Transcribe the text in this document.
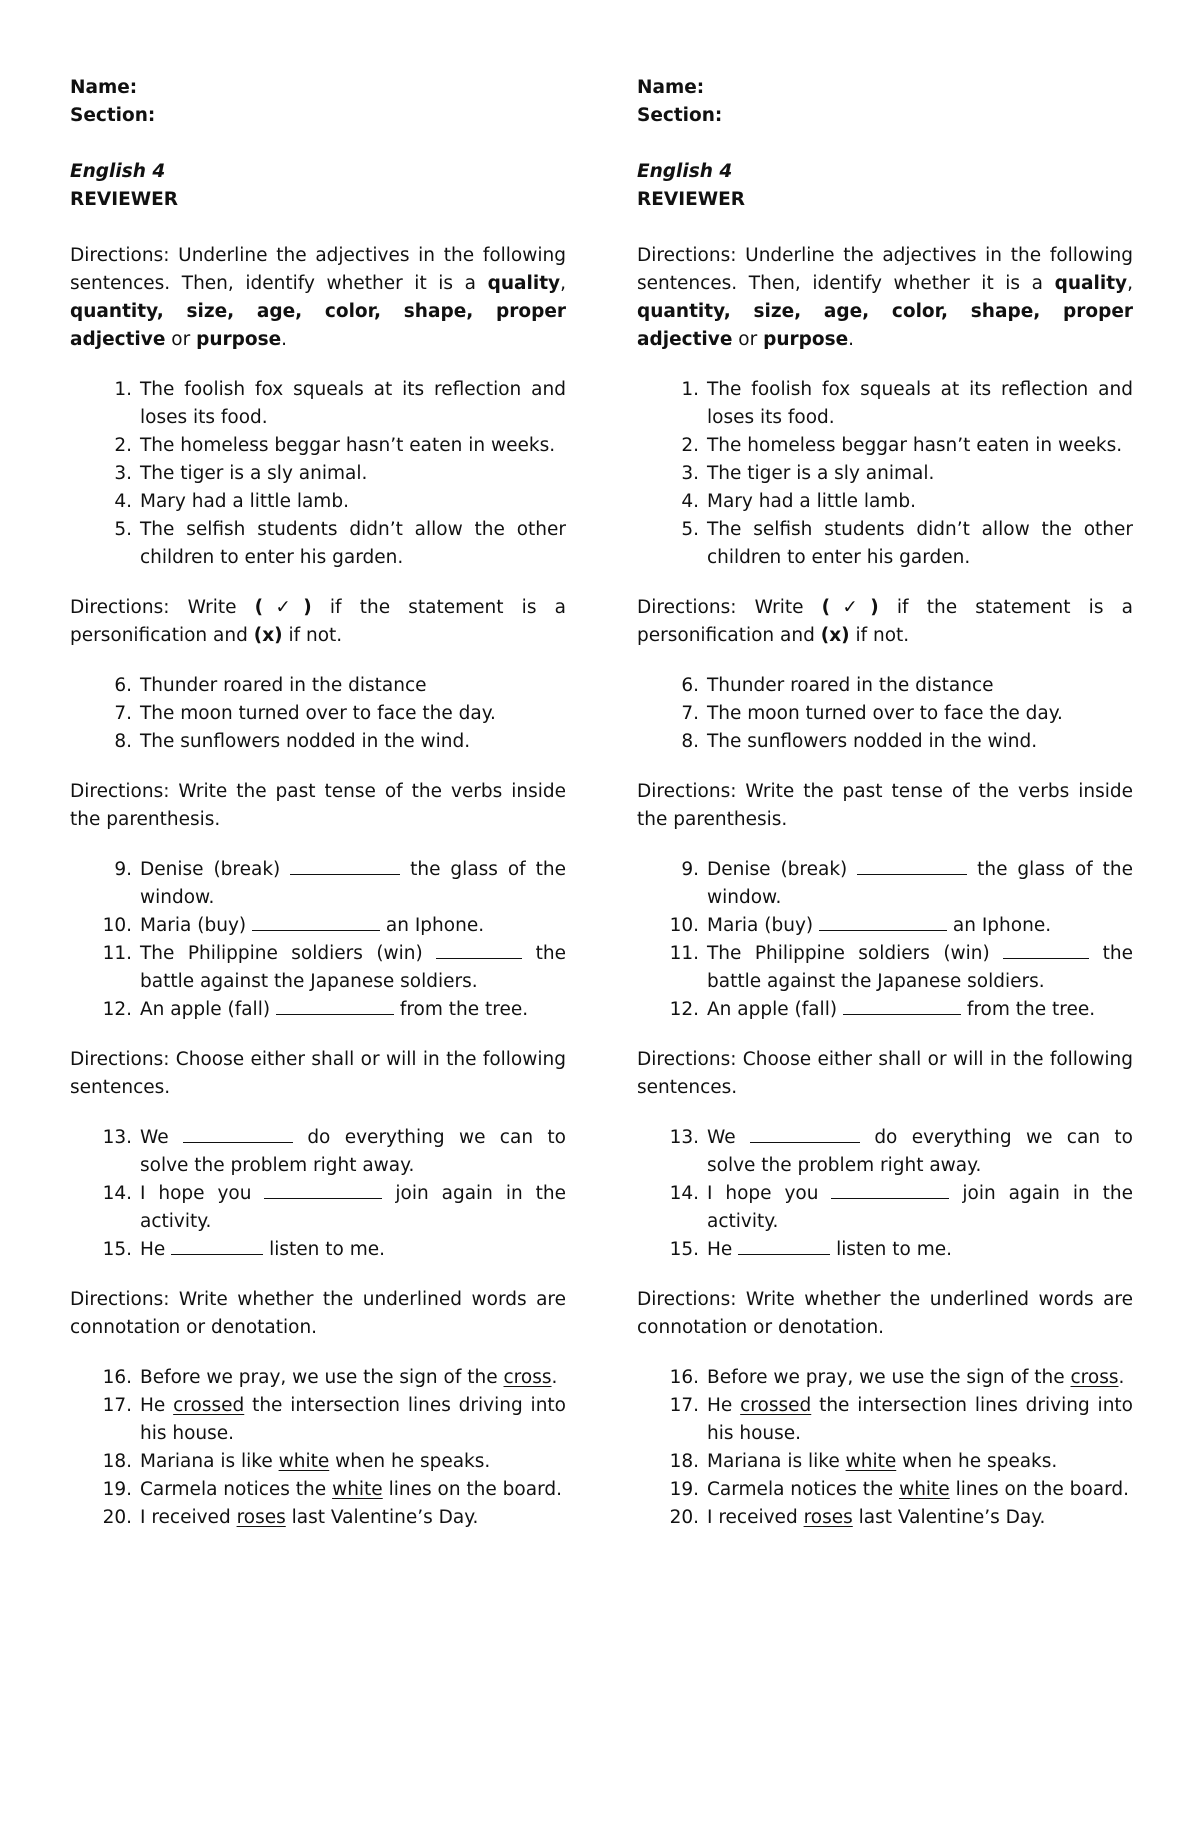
Name:

Section:

English 4

REVIEWER

Directions: Underline the adjectives in the following sentences. Then, identify whether it is a quality, quantity, size, age, color, shape, proper adjective or purpose.

1. The foolish fox squeals at its reflection and loses its food.
2. The homeless beggar hasn’t eaten in weeks.
3. The tiger is a sly animal.
4. Mary had a little lamb.
5. The selfish students didn’t allow the other children to enter his garden.

Directions: Write (✓) if the statement is a personification and (x) if not.

6. Thunder roared in the distance
7. The moon turned over to face the day.
8. The sunflowers nodded in the wind.

Directions: Write the past tense of the verbs inside the parenthesis.

9. Denise (break)	the glass of the window.
10. Maria (buy)	an Iphone.
11. The Philippine soldiers (win)	the battle against the Japanese soldiers.
12. An apple (fall)	from the tree.

Directions: Choose either shall or will in the following sentences.

13. We	do everything we can to solve the problem right away.
14. I hope you	join again in the activity.
15. He	listen to me.

Directions: Write whether the underlined words are connotation or denotation.

16. Before we pray, we use the sign of the cross.
17. He crossed the intersection lines driving into his house.
18. Mariana is like white when he speaks.
19. Carmela notices the white lines on the board.
20. I received roses last Valentine’s Day.

Name:

Section:

English 4

REVIEWER

Directions: Underline the adjectives in the following sentences. Then, identify whether it is a quality, quantity, size, age, color, shape, proper adjective or purpose.

1. The foolish fox squeals at its reflection and loses its food.
2. The homeless beggar hasn’t eaten in weeks.
3. The tiger is a sly animal.
4. Mary had a little lamb.
5. The selfish students didn’t allow the other children to enter his garden.

Directions: Write (✓) if the statement is a personification and (x) if not.

6. Thunder roared in the distance
7. The moon turned over to face the day.
8. The sunflowers nodded in the wind.

Directions: Write the past tense of the verbs inside the parenthesis.

9. Denise (break)	the glass of the window.
10. Maria (buy)	an Iphone.
11. The Philippine soldiers (win)	the battle against the Japanese soldiers.
12. An apple (fall)	from the tree.

Directions: Choose either shall or will in the following sentences.

13. We	do everything we can to solve the problem right away.
14. I hope you	join again in the activity.
15. He	listen to me.

Directions: Write whether the underlined words are connotation or denotation.

16. Before we pray, we use the sign of the cross.
17. He crossed the intersection lines driving into his house.
18. Mariana is like white when he speaks.
19. Carmela notices the white lines on the board.
20. I received roses last Valentine’s Day.
